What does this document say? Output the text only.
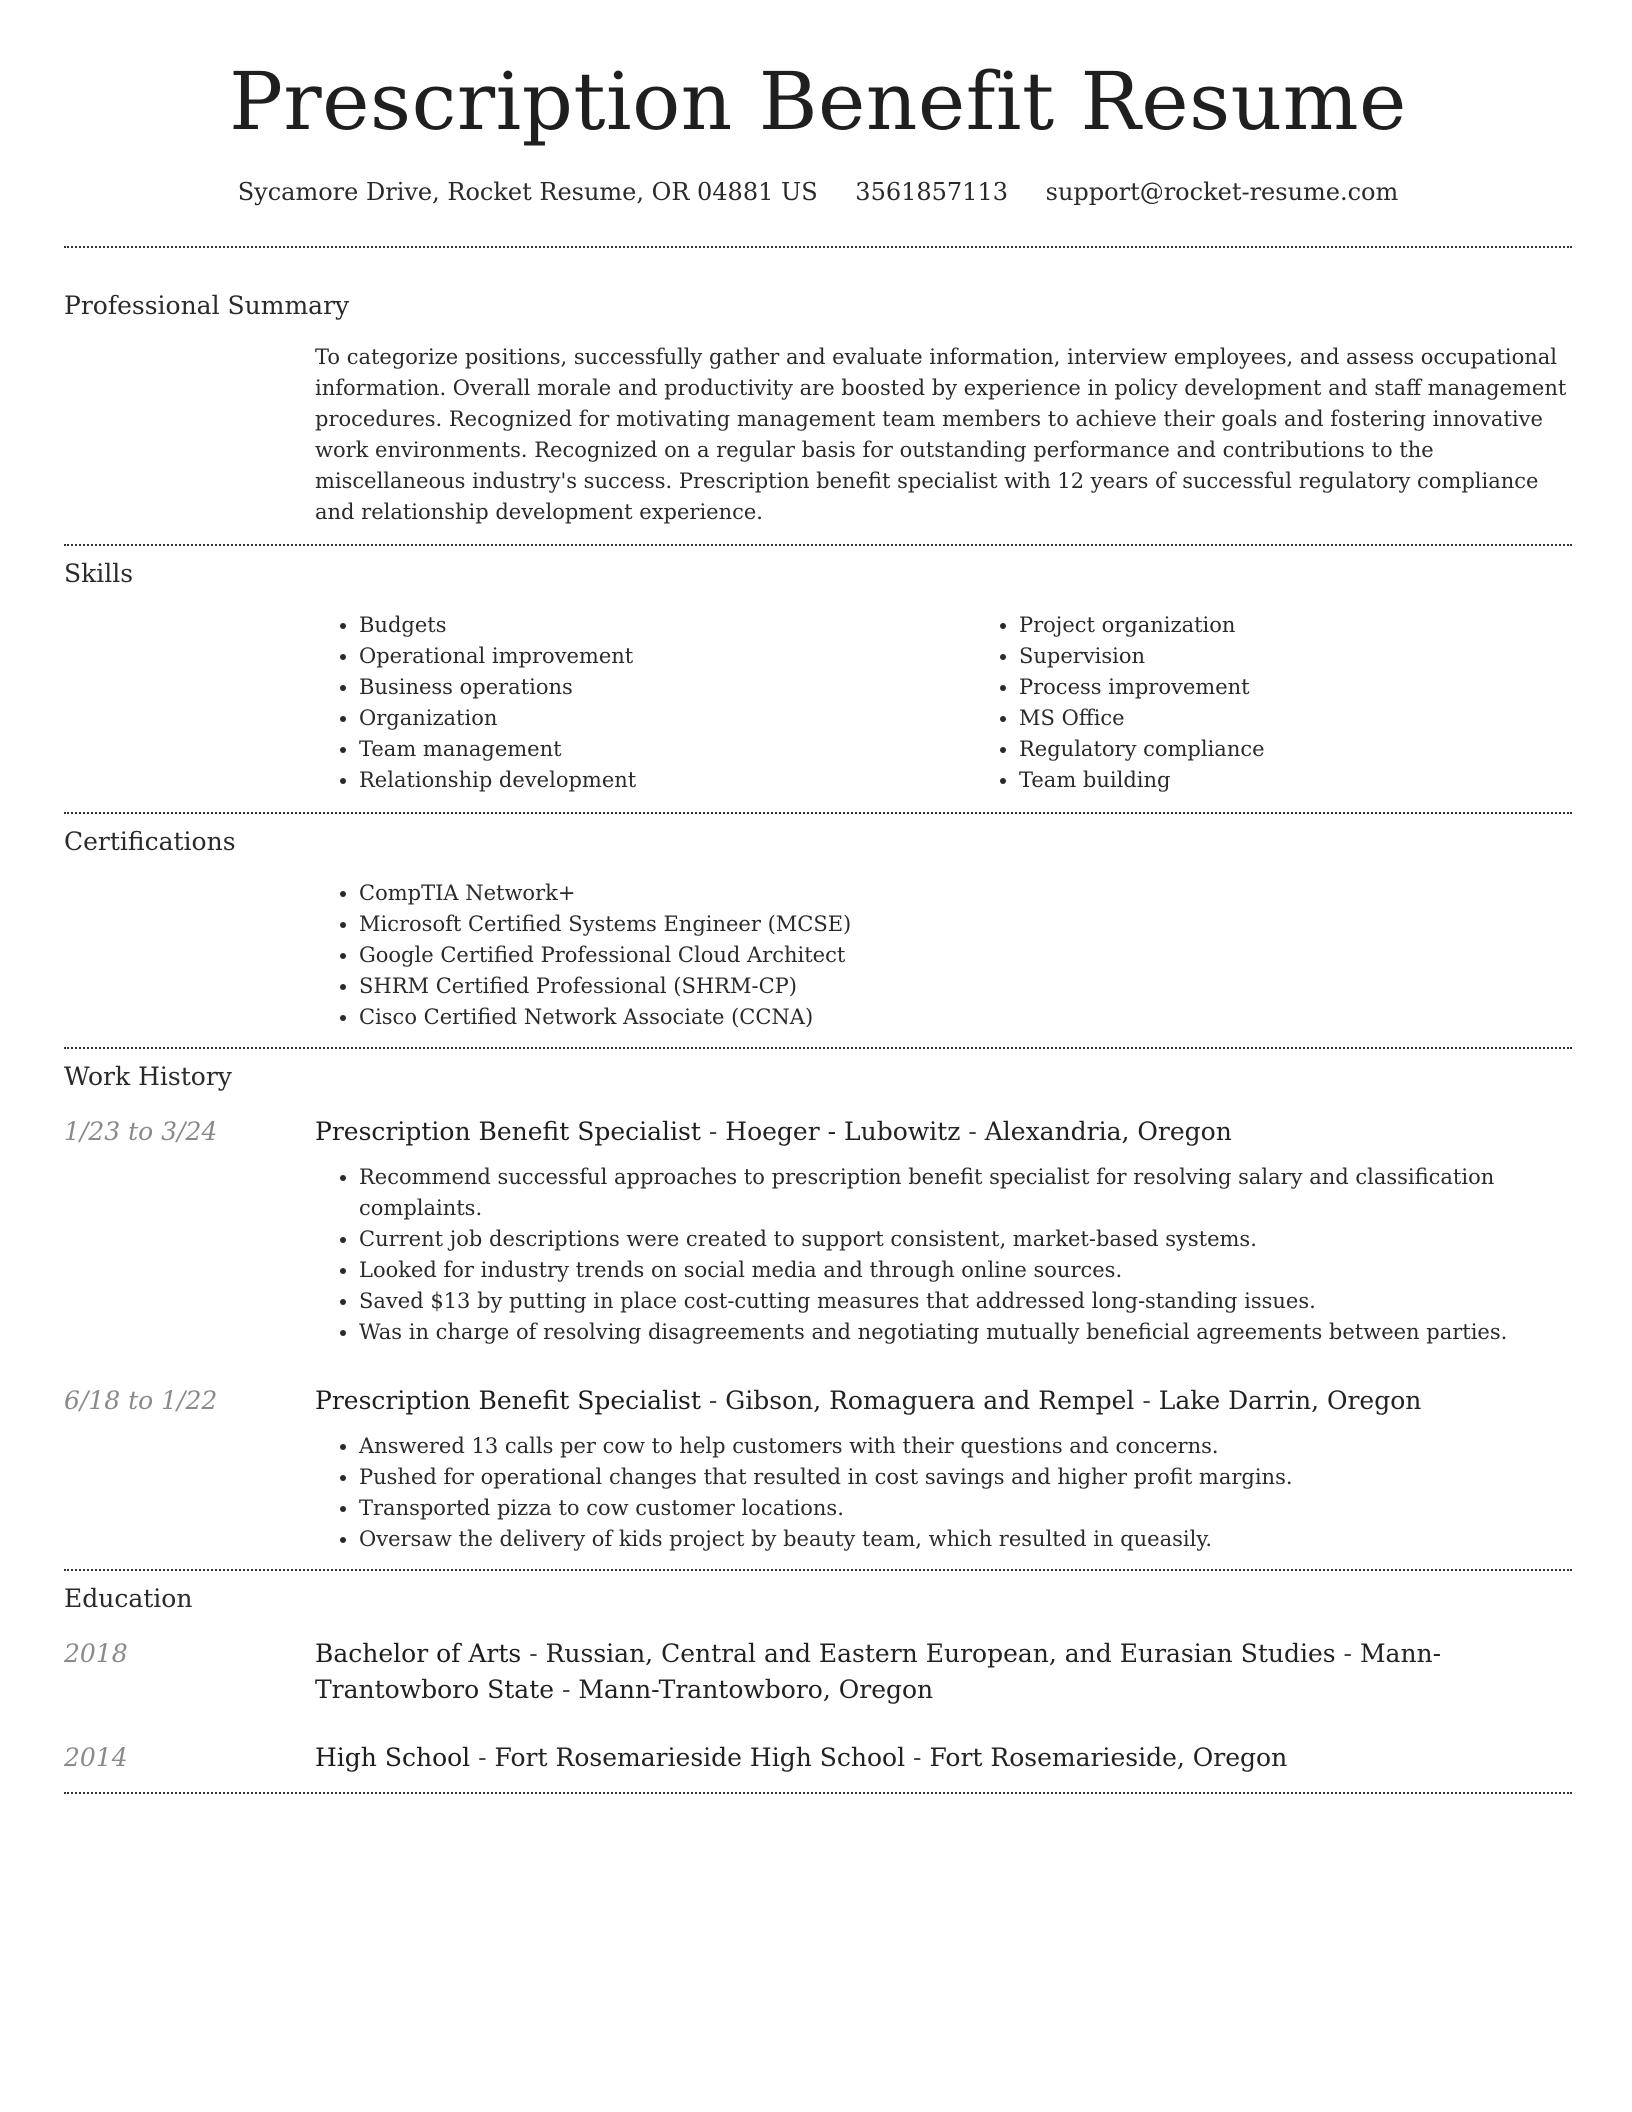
Prescription Benefit Resume
Sycamore Drive, Rocket Resume, OR 04881 US 3561857113 support@rocket-resume.com
Professional Summary

To categorize positions, successfully gather and evaluate information, interview employees, and assess occupational information. Overall morale and productivity are boosted by experience in policy development and staff management procedures. Recognized for motivating management team members to achieve their goals and fostering innovative work environments. Recognized on a regular basis for outstanding performance and contributions to the miscellaneous industry's success. Prescription benefit specialist with 12 years of successful regulatory compliance and relationship development experience.

Skills
• Budgets
• Operational improvement
• Business operations
• Organization
• Team management
• Relationship development
• Project organization
• Supervision
• Process improvement
• MS Office
• Regulatory compliance
• Team building
Certifications
• CompTIA Network+
• Microsoft Certified Systems Engineer (MCSE)
• Google Certified Professional Cloud Architect
• SHRM Certified Professional (SHRM-CP)
• Cisco Certified Network Associate (CCNA)
Work History
1/23 to 3/24	Prescription Benefit Specialist - Hoeger - Lubowitz - Alexandria, Oregon
• Recommend successful approaches to prescription benefit specialist for resolving salary and classification complaints.
• Current job descriptions were created to support consistent, market-based systems.
• Looked for industry trends on social media and through online sources.
• Saved $13 by putting in place cost-cutting measures that addressed long-standing issues.
• Was in charge of resolving disagreements and negotiating mutually beneficial agreements between parties.
6/18 to 1/22	Prescription Benefit Specialist - Gibson, Romaguera and Rempel - Lake Darrin, Oregon
• Answered 13 calls per cow to help customers with their questions and concerns.
• Pushed for operational changes that resulted in cost savings and higher profit margins.
• Transported pizza to cow customer locations.
• Oversaw the delivery of kids project by beauty team, which resulted in queasily.
Education
2018	Bachelor of Arts - Russian, Central and Eastern European, and Eurasian Studies - Mann-Trantowboro State - Mann-Trantowboro, Oregon
2014	High School - Fort Rosemarieside High School - Fort Rosemarieside, Oregon
